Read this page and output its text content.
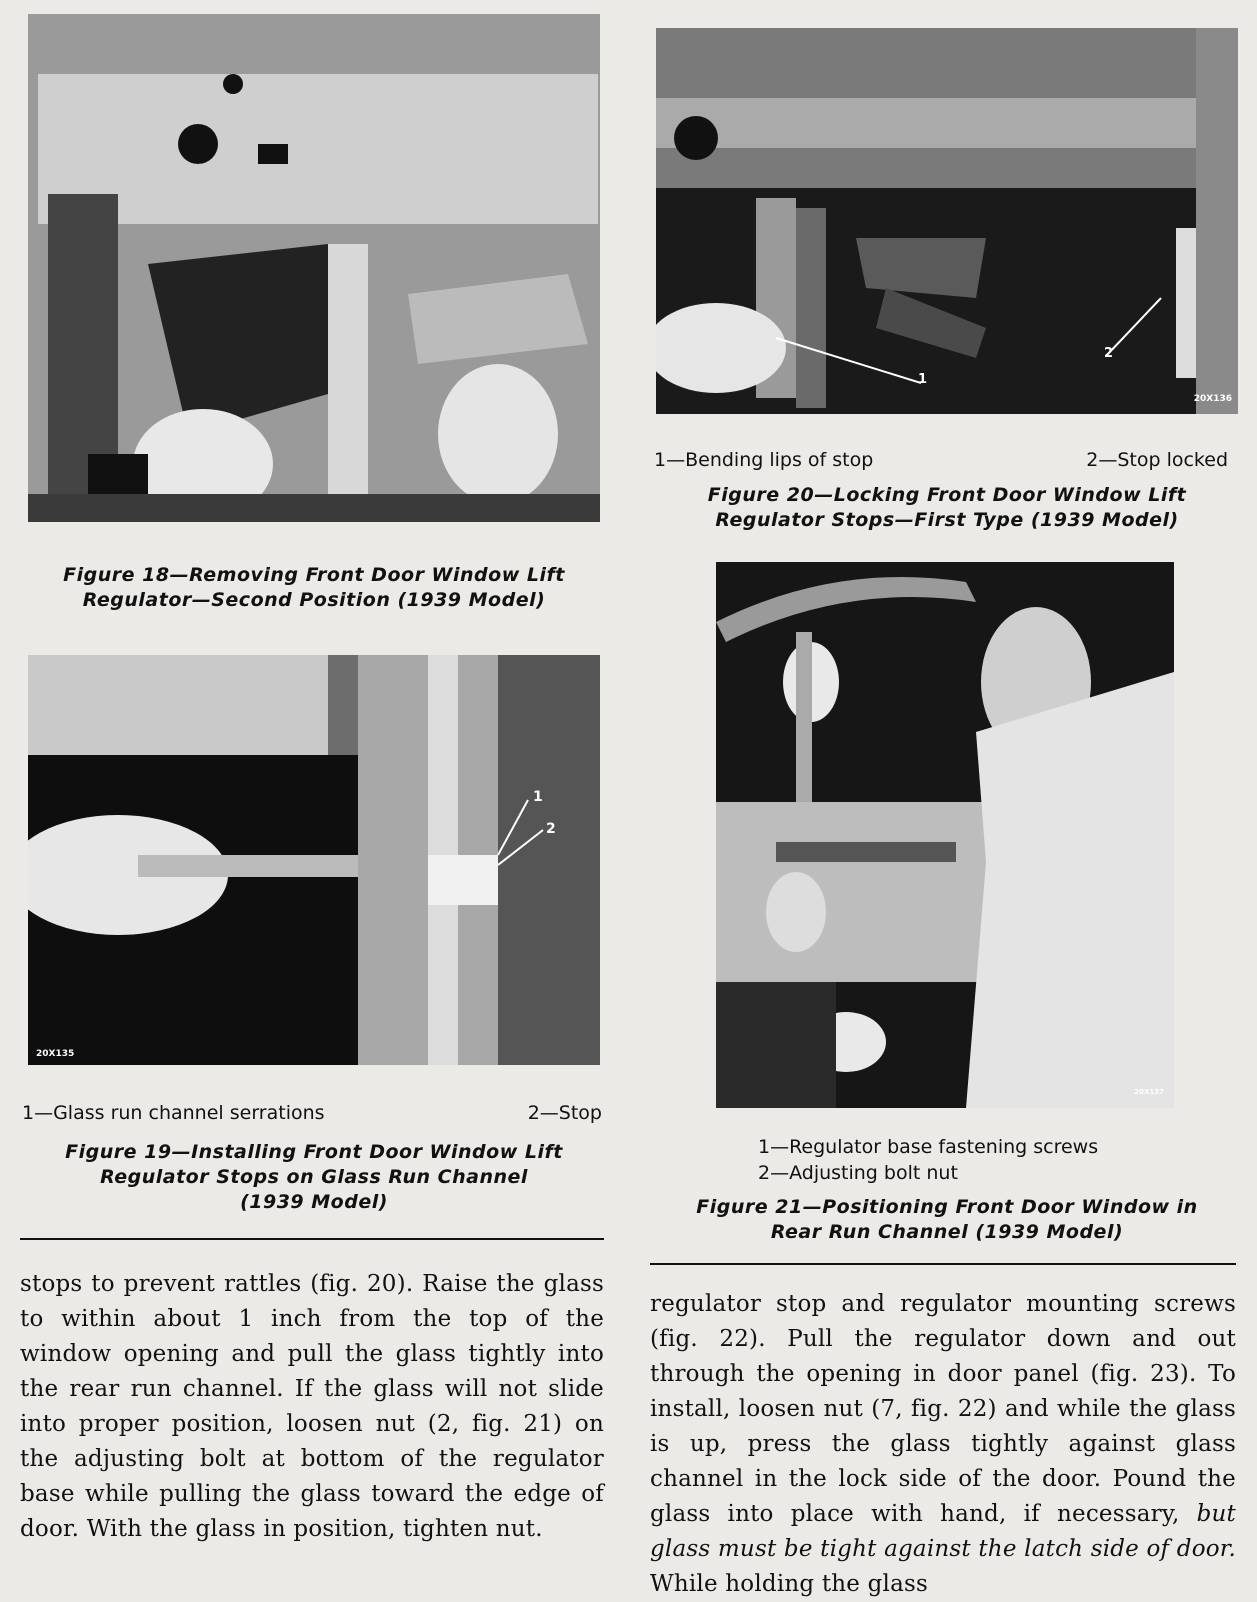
Figure 18—Removing Front Door Window Lift
Regulator—Second Position (1939 Model)
20X135
1
2
1—Glass run channel serrations	2—Stop
Figure 19—Installing Front Door Window Lift
Regulator Stops on Glass Run Channel
(1939 Model)
20X136
1
2
1—Bending lips of stop	2—Stop locked
Figure 20—Locking Front Door Window Lift
Regulator Stops—First Type (1939 Model)
20X137
1—Regulator base fastening screws
2—Adjusting bolt nut
Figure 21—Positioning Front Door Window in
Rear Run Channel (1939 Model)
stops to prevent rattles (fig. 20). Raise the glass to within about 1 inch from the top of the window opening and pull the glass tightly into the rear run channel. If the glass will not slide into proper position, loosen nut (2, fig. 21) on the adjusting bolt at bottom of the regulator base while pulling the glass toward the edge of door. With the glass in position, tighten nut.
regulator stop and regulator mounting screws (fig. 22). Pull the regulator down and out through the opening in door panel (fig. 23). To install, loosen nut (7, fig. 22) and while the glass is up, press the glass tightly against glass channel in the lock side of the door. Pound the glass into place with hand, if necessary, but glass must be tight against the latch side of door. While holding the glass
